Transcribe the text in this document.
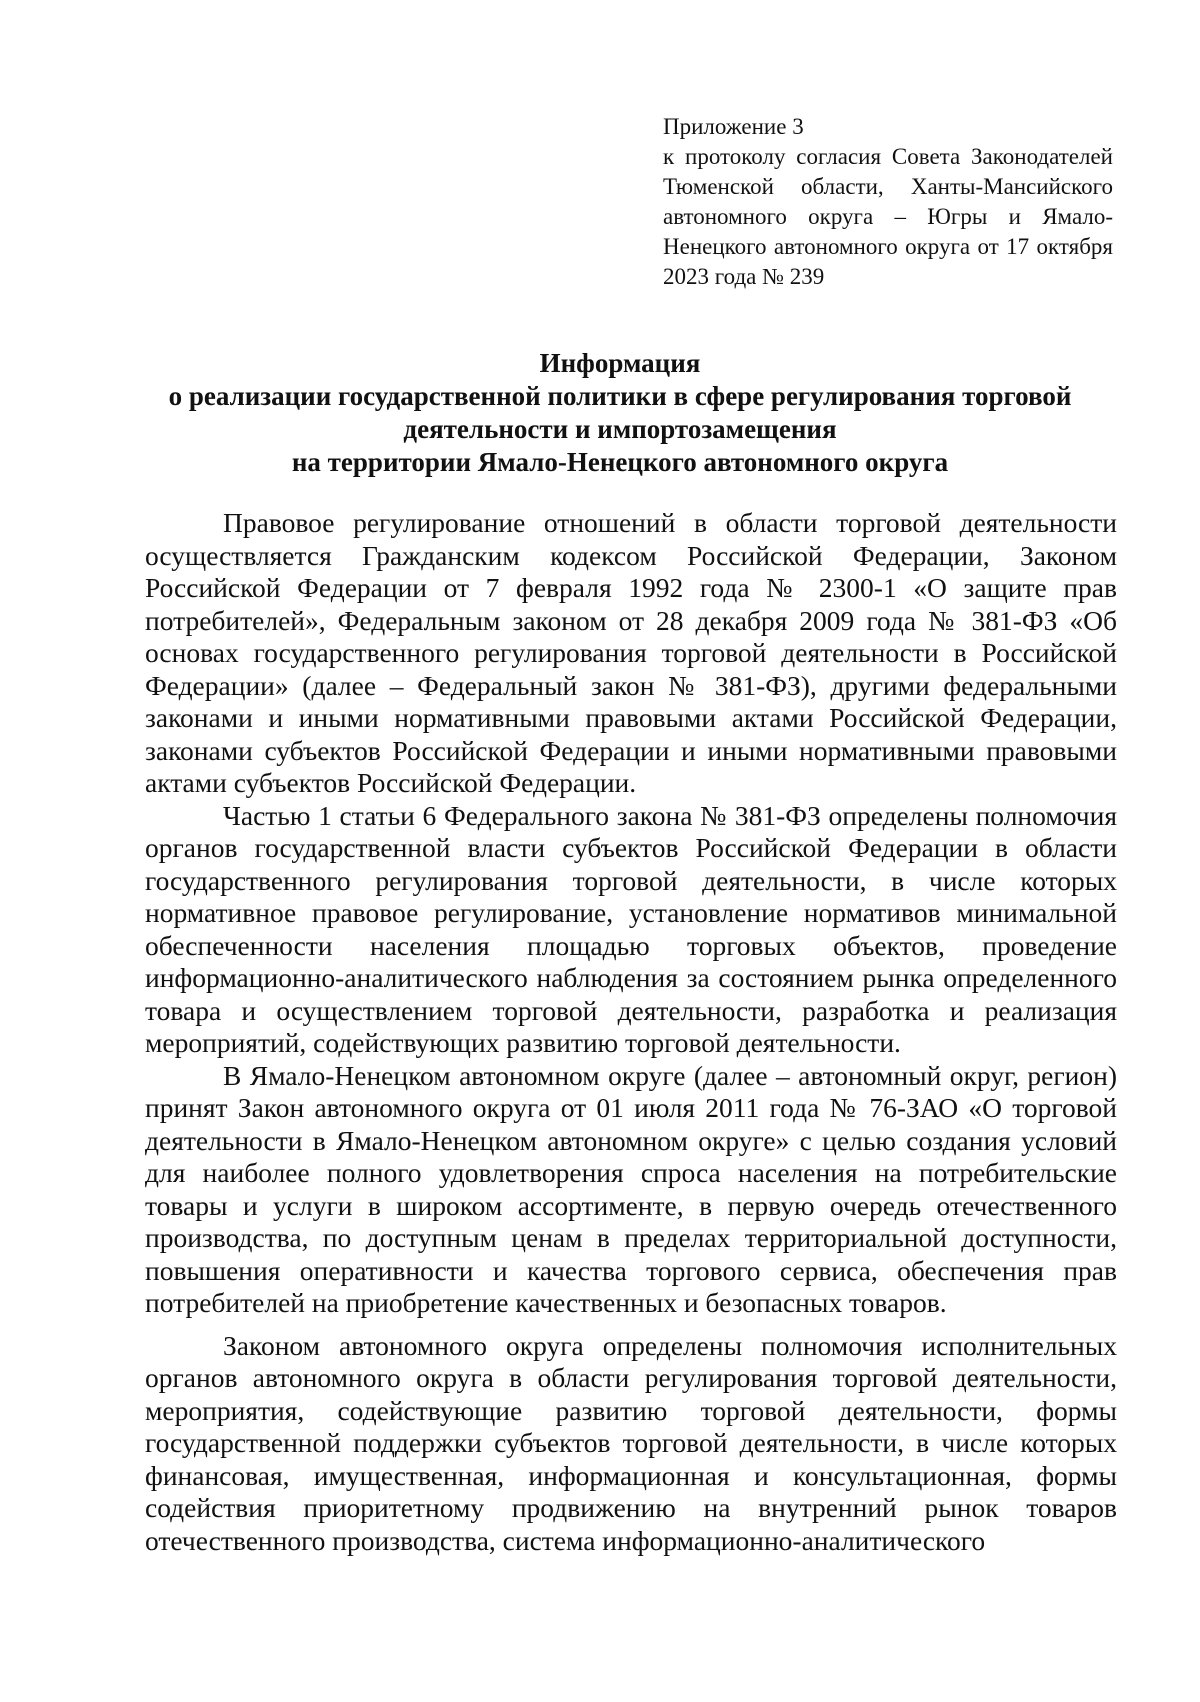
Приложение 3
к протоколу согласия Совета Законодателей Тюменской области, Ханты-Мансийского автономного округа – Югры и Ямало-Ненецкого автономного округа от 17 октября 2023 года № 239
Информация
о реализации государственной политики в сфере регулирования торговой
деятельности и импортозамещения
на территории Ямало-Ненецкого автономного округа

Правовое регулирование отношений в области торговой деятельности осуществляется Гражданским кодексом Российской Федерации, Законом Российской Федерации от 7 февраля 1992 года № 2300-1 «О защите прав потребителей», Федеральным законом от 28 декабря 2009 года № 381-ФЗ «Об основах государственного регулирования торговой деятельности в Российской Федерации» (далее – Федеральный закон № 381-ФЗ), другими федеральными законами и иными нормативными правовыми актами Российской Федерации, законами субъектов Российской Федерации и иными нормативными правовыми актами субъектов Российской Федерации.

Частью 1 статьи 6 Федерального закона № 381-ФЗ определены полномочия органов государственной власти субъектов Российской Федерации в области государственного регулирования торговой деятельности, в числе которых нормативное правовое регулирование, установление нормативов минимальной обеспеченности населения площадью торговых объектов, проведение информационно-аналитического наблюдения за состоянием рынка определенного товара и осуществлением торговой деятельности, разработка и реализация мероприятий, содействующих развитию торговой деятельности.

В Ямало-Ненецком автономном округе (далее – автономный округ, регион) принят Закон автономного округа от 01 июля 2011 года № 76-ЗАО «О торговой деятельности в Ямало-Ненецком автономном округе» с целью создания условий для наиболее полного удовлетворения спроса населения на потребительские товары и услуги в широком ассортименте, в первую очередь отечественного производства, по доступным ценам в пределах территориальной доступности, повышения оперативности и качества торгового сервиса, обеспечения прав потребителей на приобретение качественных и безопасных товаров.

Законом автономного округа определены полномочия исполнительных органов автономного округа в области регулирования торговой деятельности, мероприятия, содействующие развитию торговой деятельности, формы государственной поддержки субъектов торговой деятельности, в числе которых финансовая, имущественная, информационная и консультационная, формы содействия приоритетному продвижению на внутренний рынок товаров отечественного производства, система информационно-аналитического
